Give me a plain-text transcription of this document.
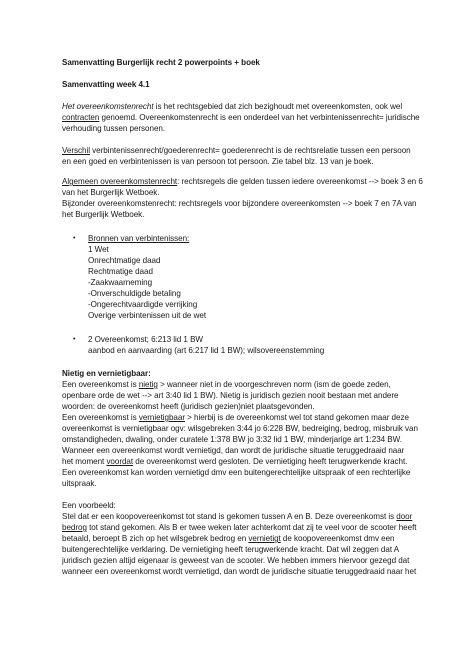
Samenvatting Burgerlijk recht 2 powerpoints + boek
Samenvatting week 4.1
Het overeenkomstenrecht is het rechtsgebied dat zich bezighoudt met overeenkomsten, ook wel
contracten genoemd. Overeenkomstenrecht is een onderdeel van het verbintenissenrecht= juridische
verhouding tussen personen.
Verschil verbintenissenrecht/goederenrecht= goederenrecht is de rechtsrelatie tussen een persoon
en een goed en verbintenissen is van persoon tot persoon. Zie tabel blz. 13 van je boek.
Algemeen overeenkomstenrecht: rechtsregels die gelden tussen iedere overeenkomst --> boek 3 en 6
van het Burgerlijk Wetboek.
Bijzonder overeenkomstenrecht: rechtsregels voor bijzondere overeenkomsten --> boek 7 en 7A van
het Burgerlijk Wetboek.
• Bronnen van verbintenissen:
1 Wet
Onrechtmatige daad
Rechtmatige daad
-Zaakwaarneming
-Onverschuldigde betaling
-Ongerechtvaardigde verrijking
Overige verbintenissen uit de wet
• 2 Overeenkomst; 6:213 lid 1 BW
aanbod en aanvaarding (art 6:217 lid 1 BW); wilsovereenstemming
Nietig en vernietigbaar:
Een overeenkomst is nietig > wanneer niet in de voorgeschreven norm (ism de goede zeden,
openbare orde de wet --> art 3:40 lid 1 BW). Nietig is juridisch gezien nooit bestaan met andere
woorden: de overeenkomst heeft (juridisch gezien)niet plaatsgevonden.
Een overeenkomst is vernietigbaar > hierbij is de overeenkomst wel tot stand gekomen maar deze
overeenkomst is vernietigbaar ogv: wilsgebreken 3:44 jo 6:228 BW, bedreiging, bedrog, misbruik van
omstandigheden, dwaling, onder curatele 1:378 BW jo 3:32 lid 1 BW, minderjarige art 1:234 BW.
Wanneer een overeenkomst wordt vernietigd, dan wordt de juridische situatie teruggedraaid naar
het moment voordat de overeenkomst werd gesloten. De vernietiging heeft terugwerkende kracht.
Een overeenkomst kan worden vernietigd dmv een buitengerechtelijke uitspraak of een rechterlijke
uitspraak.
Een voorbeeld:
Stel dat er een koopovereenkomst tot stand is gekomen tussen A en B. Deze overeenkomst is door
bedrog tot stand gekomen. Als B er twee weken later achterkomt dat zij te veel voor de scooter heeft
betaald, beroept B zich op het wilsgebrek bedrog en vernietigt de koopovereenkomst dmv een
buitengerechtelijke verklaring. De vernietiging heeft terugwerkende kracht. Dat wil zeggen dat A
juridisch gezien altijd eigenaar is geweest van de scooter. We hebben immers hiervoor gezegd dat
wanneer een overeenkomst wordt vernietigd, dan wordt de juridische situatie teruggedraaid naar het
